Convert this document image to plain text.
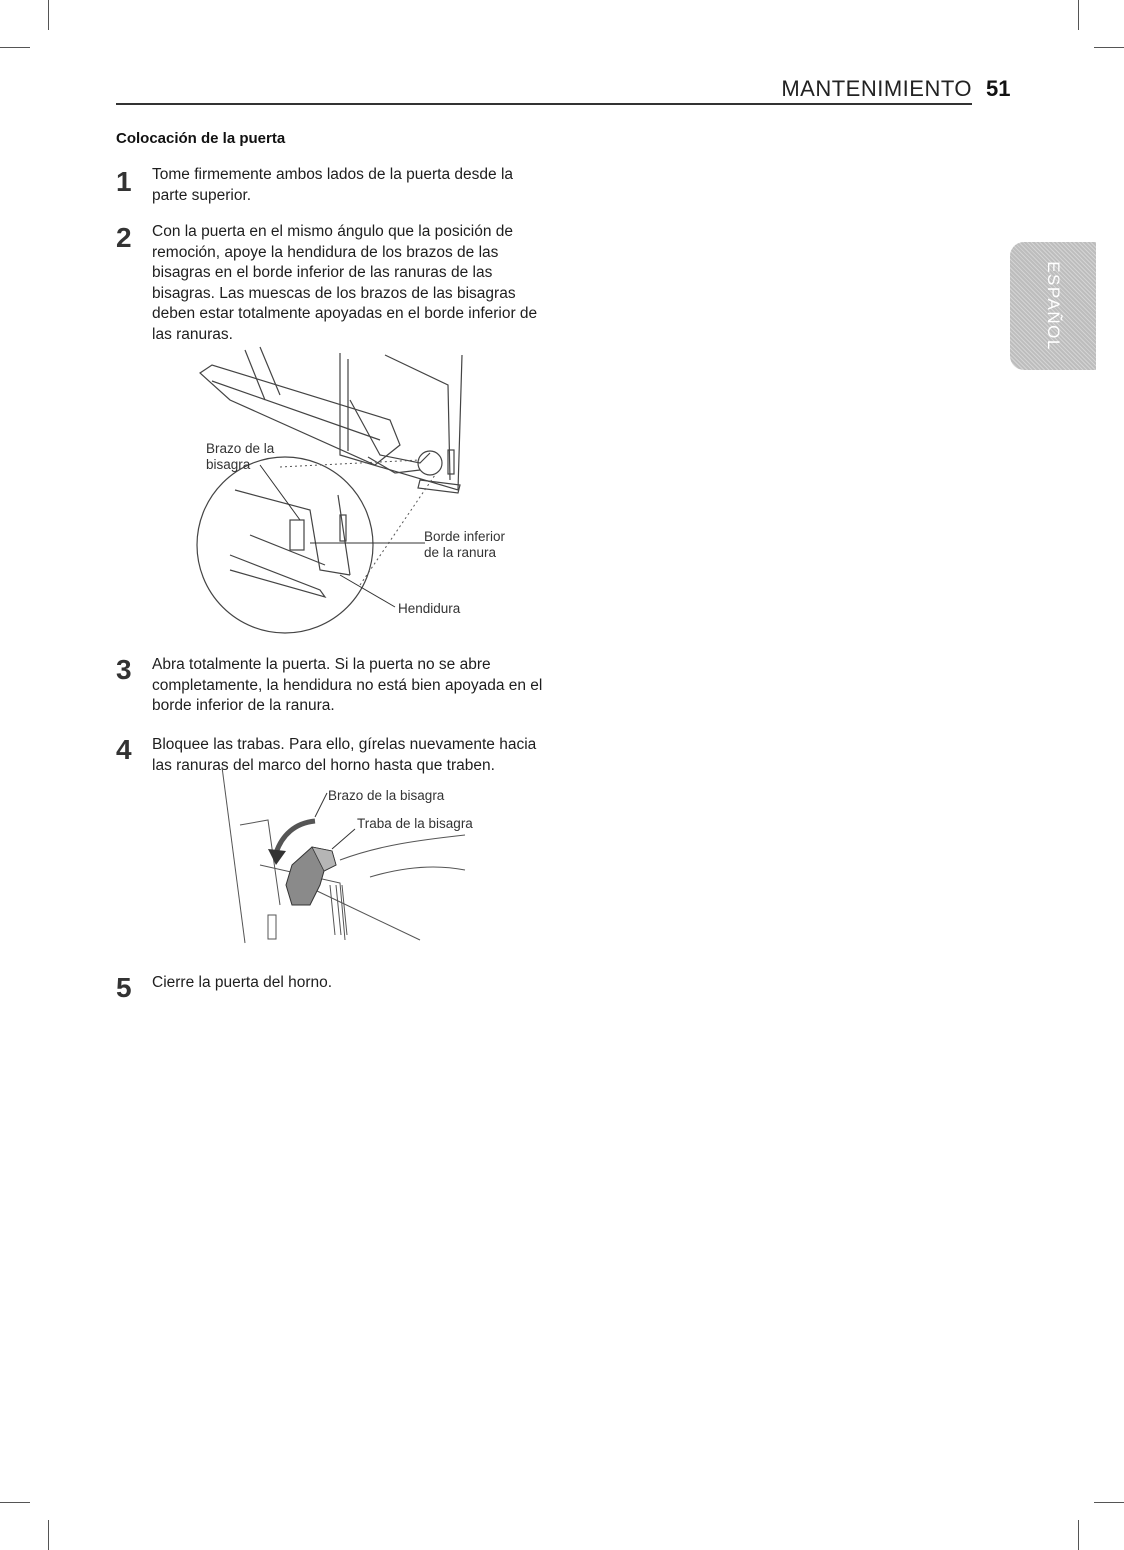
MANTENIMIENTO 51
ESPAÑOL
Colocación de la puerta
1 Tome firmemente ambos lados de la puerta desde la parte superior.
2 Con la puerta en el mismo ángulo que la posición de remoción, apoye la hendidura de los brazos de las bisagras en el borde inferior de las ranuras de las bisagras. Las muescas de los brazos de las bisagras deben estar totalmente apoyadas en el borde inferior de las ranuras.
Brazo de la
bisagra
Borde inferior
de la ranura
Hendidura
3 Abra totalmente la puerta. Si la puerta no se abre completamente, la hendidura no está bien apoyada en el borde inferior de la ranura.
4 Bloquee las trabas. Para ello, gírelas nuevamente hacia las ranuras del marco del horno hasta que traben.
Brazo de la bisagra
Traba de la bisagra
5 Cierre la puerta del horno.
